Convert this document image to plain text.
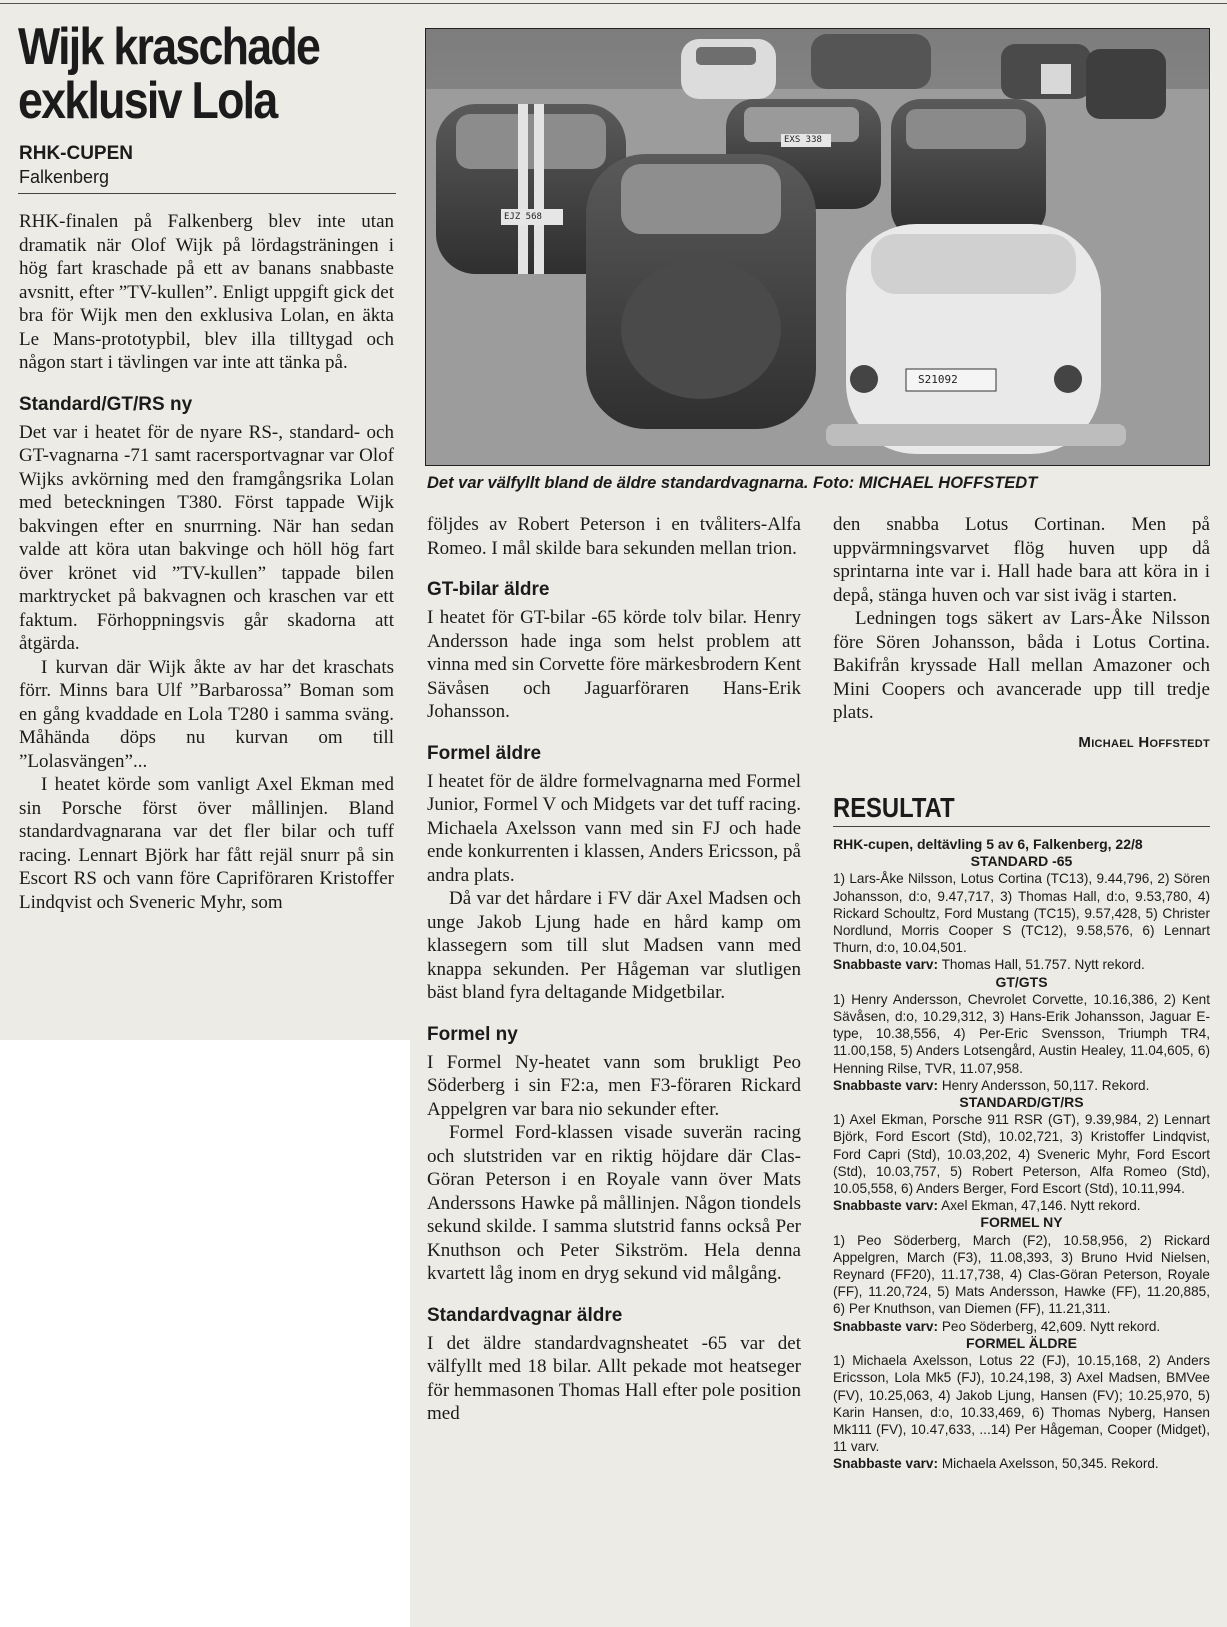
Wijk kraschade
exklusiv Lola
RHK-CUPEN
Falkenberg

RHK-finalen på Falkenberg blev inte utan dramatik när Olof Wijk på lördagsträningen i hög fart kraschade på ett av banans snabbaste avsnitt, efter ”TV-kullen”. Enligt uppgift gick det bra för Wijk men den exklusiva Lolan, en äkta Le Mans-prototypbil, blev illa tilltygad och någon start i tävlingen var inte att tänka på.

Standard/GT/RS ny

Det var i heatet för de nyare RS-, standard- och GT-vagnarna -71 samt racersportvagnar var Olof Wijks avkörning med den framgångsrika Lolan med beteckningen T380. Först tappade Wijk bakvingen efter en snurrning. När han sedan valde att köra utan bakvinge och höll hög fart över krönet vid ”TV-kullen” tappade bilen marktrycket på bakvagnen och kraschen var ett faktum. Förhoppningsvis går skadorna att åtgärda.

I kurvan där Wijk åkte av har det kraschats förr. Minns bara Ulf ”Barbarossa” Boman som en gång kvaddade en Lola T280 i samma sväng. Måhända döps nu kurvan om till ”Lolasvängen”...

I heatet körde som vanligt Axel Ekman med sin Porsche först över mållinjen. Bland standardvagnarana var det fler bilar och tuff racing. Lennart Björk har fått rejäl snurr på sin Escort RS och vann före Capriföraren Kristoffer Lindqvist och Sveneric Myhr, som

EJZ 568
EXS 338
S21092
Det var välfyllt bland de äldre standardvagnarna. Foto: MICHAEL HOFFSTEDT

följdes av Robert Peterson i en tvåliters-Alfa Romeo. I mål skilde bara sekunden mellan trion.

GT-bilar äldre

I heatet för GT-bilar -65 körde tolv bilar. Henry Andersson hade inga som helst problem att vinna med sin Corvette före märkesbrodern Kent Sävåsen och Jaguarföraren Hans-Erik Johansson.

Formel äldre

I heatet för de äldre formelvagnarna med Formel Junior, Formel V och Midgets var det tuff racing. Michaela Axelsson vann med sin FJ och hade ende konkurrenten i klassen, Anders Ericsson, på andra plats.

Då var det hårdare i FV där Axel Madsen och unge Jakob Ljung hade en hård kamp om klassegern som till slut Madsen vann med knappa sekunden. Per Hågeman var slutligen bäst bland fyra deltagande Midgetbilar.

Formel ny

I Formel Ny-heatet vann som brukligt Peo Söderberg i sin F2:a, men F3-föraren Rickard Appelgren var bara nio sekunder efter.

Formel Ford-klassen visade suverän racing och slutstriden var en riktig höjdare där Clas-Göran Peterson i en Royale vann över Mats Anderssons Hawke på mållinjen. Någon tiondels sekund skilde. I samma slutstrid fanns också Per Knuthson och Peter Sikström. Hela denna kvartett låg inom en dryg sekund vid målgång.

Standardvagnar äldre

I det äldre standardvagnsheatet -65 var det välfyllt med 18 bilar. Allt pekade mot heatseger för hemmasonen Thomas Hall efter pole position med

den snabba Lotus Cortinan. Men på uppvärmningsvarvet flög huven upp då sprintarna inte var i. Hall hade bara att köra in i depå, stänga huven och var sist iväg i starten.

Ledningen togs säkert av Lars-Åke Nilsson före Sören Johansson, båda i Lotus Cortina. Bakifrån kryssade Hall mellan Amazoner och Mini Coopers och avancerade upp till tredje plats.

Michael Hoffstedt
RESULTAT
RHK-cupen, deltävling 5 av 6, Falkenberg, 22/8
STANDARD -65
1) Lars-Åke Nilsson, Lotus Cortina (TC13), 9.44,796, 2) Sören Johansson, d:o, 9.47,717, 3) Thomas Hall, d:o, 9.53,780, 4) Rickard Schoultz, Ford Mustang (TC15), 9.57,428, 5) Christer Nordlund, Morris Cooper S (TC12), 9.58,576, 6) Lennart Thurn, d:o, 10.04,501.
Snabbaste varv: Thomas Hall, 51.757. Nytt rekord.
GT/GTS
1) Henry Andersson, Chevrolet Corvette, 10.16,386, 2) Kent Sävåsen, d:o, 10.29,312, 3) Hans-Erik Johansson, Jaguar E-type, 10.38,556, 4) Per-Eric Svensson, Triumph TR4, 11.00,158, 5) Anders Lotsengård, Austin Healey, 11.04,605, 6) Henning Rilse, TVR, 11.07,958.
Snabbaste varv: Henry Andersson, 50,117. Rekord.
STANDARD/GT/RS
1) Axel Ekman, Porsche 911 RSR (GT), 9.39,984, 2) Lennart Björk, Ford Escort (Std), 10.02,721, 3) Kristoffer Lindqvist, Ford Capri (Std), 10.03,202, 4) Sveneric Myhr, Ford Escort (Std), 10.03,757, 5) Robert Peterson, Alfa Romeo (Std), 10.05,558, 6) Anders Berger, Ford Escort (Std), 10.11,994.
Snabbaste varv: Axel Ekman, 47,146. Nytt rekord.
FORMEL NY
1) Peo Söderberg, March (F2), 10.58,956, 2) Rickard Appelgren, March (F3), 11.08,393, 3) Bruno Hvid Nielsen, Reynard (FF20), 11.17,738, 4) Clas-Göran Peterson, Royale (FF), 11.20,724, 5) Mats Andersson, Hawke (FF), 11.20,885, 6) Per Knuthson, van Diemen (FF), 11.21,311.
Snabbaste varv: Peo Söderberg, 42,609. Nytt rekord.
FORMEL ÄLDRE
1) Michaela Axelsson, Lotus 22 (FJ), 10.15,168, 2) Anders Ericsson, Lola Mk5 (FJ), 10.24,198, 3) Axel Madsen, BMVee (FV), 10.25,063, 4) Jakob Ljung, Hansen (FV); 10.25,970, 5) Karin Hansen, d:o, 10.33,469, 6) Thomas Nyberg, Hansen Mk111 (FV), 10.47,633, ...14) Per Hågeman, Cooper (Midget), 11 varv.
Snabbaste varv: Michaela Axelsson, 50,345. Rekord.
